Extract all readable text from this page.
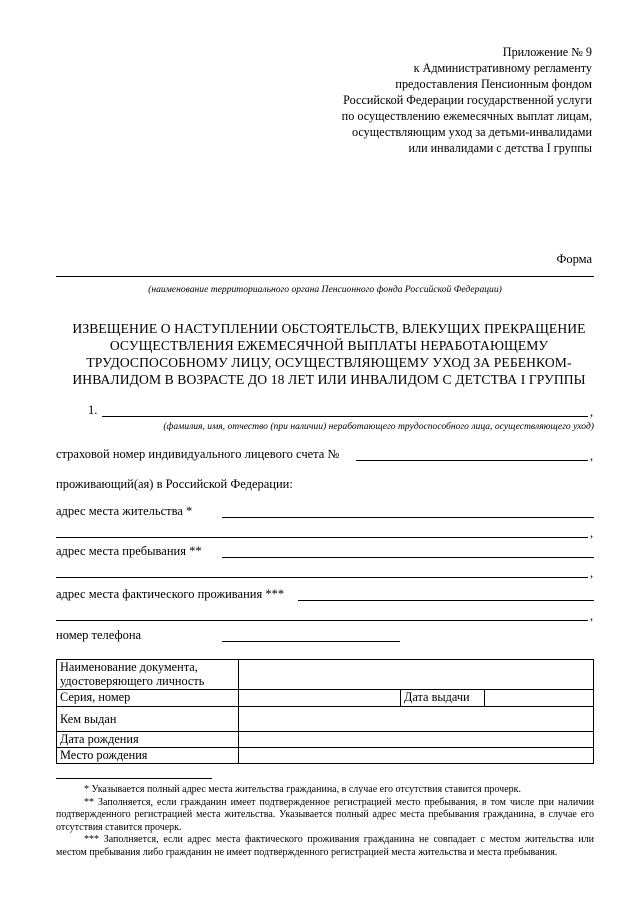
Приложение № 9
к Административному регламенту
предоставления Пенсионным фондом
Российской Федерации государственной услуги
по осуществлению ежемесячных выплат лицам,
осуществляющим уход за детьми-инвалидами
или инвалидами с детства I группы
Форма
(наименование территориального органа Пенсионного фонда Российской Федерации)
ИЗВЕЩЕНИЕ О НАСТУПЛЕНИИ ОБСТОЯТЕЛЬСТВ, ВЛЕКУЩИХ ПРЕКРАЩЕНИЕ
ОСУЩЕСТВЛЕНИЯ ЕЖЕМЕСЯЧНОЙ ВЫПЛАТЫ НЕРАБОТАЮЩЕМУ
ТРУДОСПОСОБНОМУ ЛИЦУ, ОСУЩЕСТВЛЯЮЩЕМУ УХОД ЗА РЕБЕНКОМ-
ИНВАЛИДОМ В ВОЗРАСТЕ ДО 18 ЛЕТ ИЛИ ИНВАЛИДОМ С ДЕТСТВА I ГРУППЫ
1.	,
(фамилия, имя, отчество (при наличии) неработающего трудоспособного лица, осуществляющего уход)
страховой номер индивидуального лицевого счета №	,
проживающий(ая) в Российской Федерации:
адрес места жительства *
,
адрес места пребывания **
,
адрес места фактического проживания ***
,
номер телефона
Наименование документа, удостоверяющего личность			
Серия, номер		Дата выдачи	
Кем выдан			
Дата рождения			
Место рождения			

* Указывается полный адрес места жительства гражданина, в случае его отсутствия ставится прочерк.

** Заполняется, если гражданин имеет подтвержденное регистрацией место пребывания, в том числе при наличии подтвержденного регистрацией места жительства. Указывается полный адрес места пребывания гражданина, в случае его отсутствия ставится прочерк.

*** Заполняется, если адрес места фактического проживания гражданина не совпадает с местом жительства или местом пребывания либо гражданин не имеет подтвержденного регистрацией места жительства и места пребывания.
